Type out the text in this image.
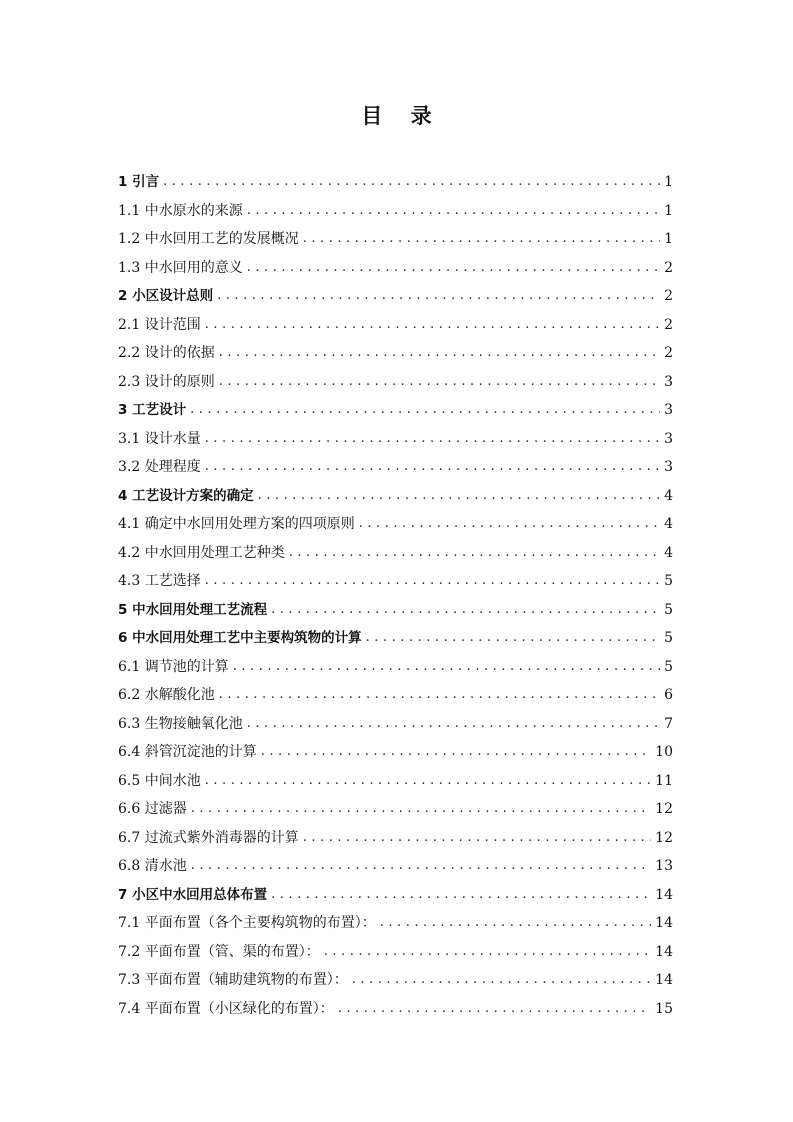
目 录
1 引言 . . .	1
1.1 中水原水的来源 . . .	1
1.2 中水回用工艺的发展概况 . . .	1
1.3 中水回用的意义 . . .	2
2 小区设计总则 . . .	2
2.1 设计范围 . . .	2
2.2 设计的依据 . . .	2
2.3 设计的原则 . . .	3
3 工艺设计 . . .	3
3.1 设计水量 . . .	3
3.2 处理程度 . . .	3
4 工艺设计方案的确定 . . .	4
4.1 确定中水回用处理方案的四项原则 . . .	4
4.2 中水回用处理工艺种类 . . .	4
4.3 工艺选择 . . .	5
5 中水回用处理工艺流程 . . .	5
6 中水回用处理工艺中主要构筑物的计算 . . .	5
6.1 调节池的计算 . . .	5
6.2 水解酸化池 . . .	6
6.3 生物接触氧化池 . . .	7
6.4 斜管沉淀池的计算 . . .	10
6.5 中间水池 . . .	11
6.6 过滤器 . . .	12
6.7 过流式紫外消毒器的计算 . . .	12
6.8 清水池 . . .	13
7 小区中水回用总体布置 . . .	14
7.1 平面布置（各个主要构筑物的布置）： . . .	14
7.2 平面布置（管、渠的布置）： . . .	14
7.3 平面布置（辅助建筑物的布置）： . . .	14
7.4 平面布置（小区绿化的布置）： . . .	15
